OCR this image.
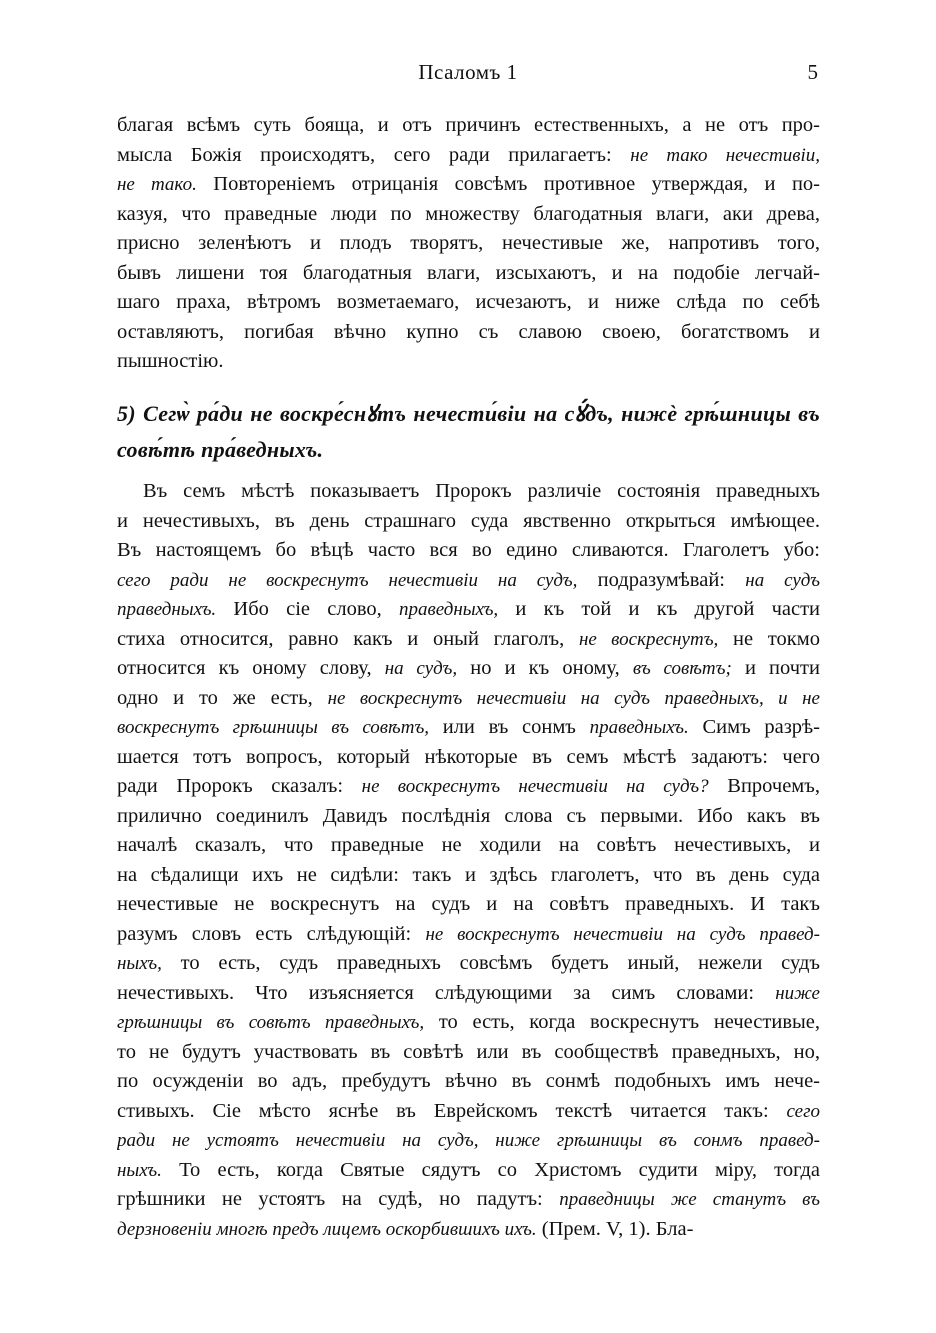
Псаломъ 1	5
благая всѣмъ суть бояща, и отъ причинъ естественныхъ, а не отъ про-
мысла Божія происходятъ, сего ради прилагаетъ: не тако нечестивіи,
не тако. Повтореніемъ отрицанія совсѣмъ противное утверждая, и по-
казуя, что праведные люди по множеству благодатныя влаги, аки древа,
присно зеленѣютъ и плодъ творятъ, нечестивые же, напротивъ того,
бывъ лишени тоя благодатныя влаги, изсыхаютъ, и на подобіе легчай-
шаго праха, вѣтромъ возметаемаго, исчезаютъ, и ниже слѣда по себѣ
оставляютъ, погибая вѣчно купно съ славою своею, богатствомъ и
пышностію.
5) Сегѡ̀ ра́ди не воскре́снꙋтъ нечести́віи на сꙋ́дъ, нижѐ грѣ́шницы въ
совѣ́тѣ пра́ведныхъ.
Въ семъ мѣстѣ показываетъ Пророкъ различіе состоянія праведныхъ
и нечестивыхъ, въ день страшнаго суда явственно открыться имѣющее.
Въ настоящемъ бо вѣцѣ часто вся во едино сливаются. Глаголетъ убо:
сего ради не воскреснутъ нечестивіи на судъ, подразумѣвай: на судъ
праведныхъ. Ибо сіе слово, праведныхъ, и къ той и къ другой части
стиха относится, равно какъ и оный глаголъ, не воскреснутъ, не токмо
относится къ оному слову, на судъ, но и къ оному, въ совѣтъ; и почти
одно и то же есть, не воскреснутъ нечестивіи на судъ праведныхъ, и не
воскреснутъ грѣшницы въ совѣтъ, или въ сонмъ праведныхъ. Симъ разрѣ-
шается тотъ вопросъ, который нѣкоторые въ семъ мѣстѣ задаютъ: чего
ради Пророкъ сказалъ: не воскреснутъ нечестивіи на судъ? Впрочемъ,
прилично соединилъ Давидъ послѣднія слова съ первыми. Ибо какъ въ
началѣ сказалъ, что праведные не ходили на совѣтъ нечестивыхъ, и
на сѣдалищи ихъ не сидѣли: такъ и здѣсь глаголетъ, что въ день суда
нечестивые не воскреснутъ на судъ и на совѣтъ праведныхъ. И такъ
разумъ словъ есть слѣдующій: не воскреснутъ нечестивіи на судъ правед-
ныхъ, то есть, судъ праведныхъ совсѣмъ будетъ иный, нежели судъ
нечестивыхъ. Что изъясняется слѣдующими за симъ словами: ниже
грѣшницы въ совѣтъ праведныхъ, то есть, когда воскреснутъ нечестивые,
то не будутъ участвовать въ совѣтѣ или въ сообществѣ праведныхъ, но,
по осужденіи во адъ, пребудутъ вѣчно въ сонмѣ подобныхъ имъ нече-
стивыхъ. Сіе мѣсто яснѣе въ Еврейскомъ текстѣ читается такъ: сего
ради не устоятъ нечестивіи на судъ, ниже грѣшницы въ сонмъ правед-
ныхъ. То есть, когда Святые сядутъ со Христомъ судити міру, тогда
грѣшники не устоятъ на судѣ, но падутъ: праведницы же станутъ въ
дерзновеніи многѣ предъ лицемъ оскорбившихъ ихъ. (Прем. V, 1). Бла-
